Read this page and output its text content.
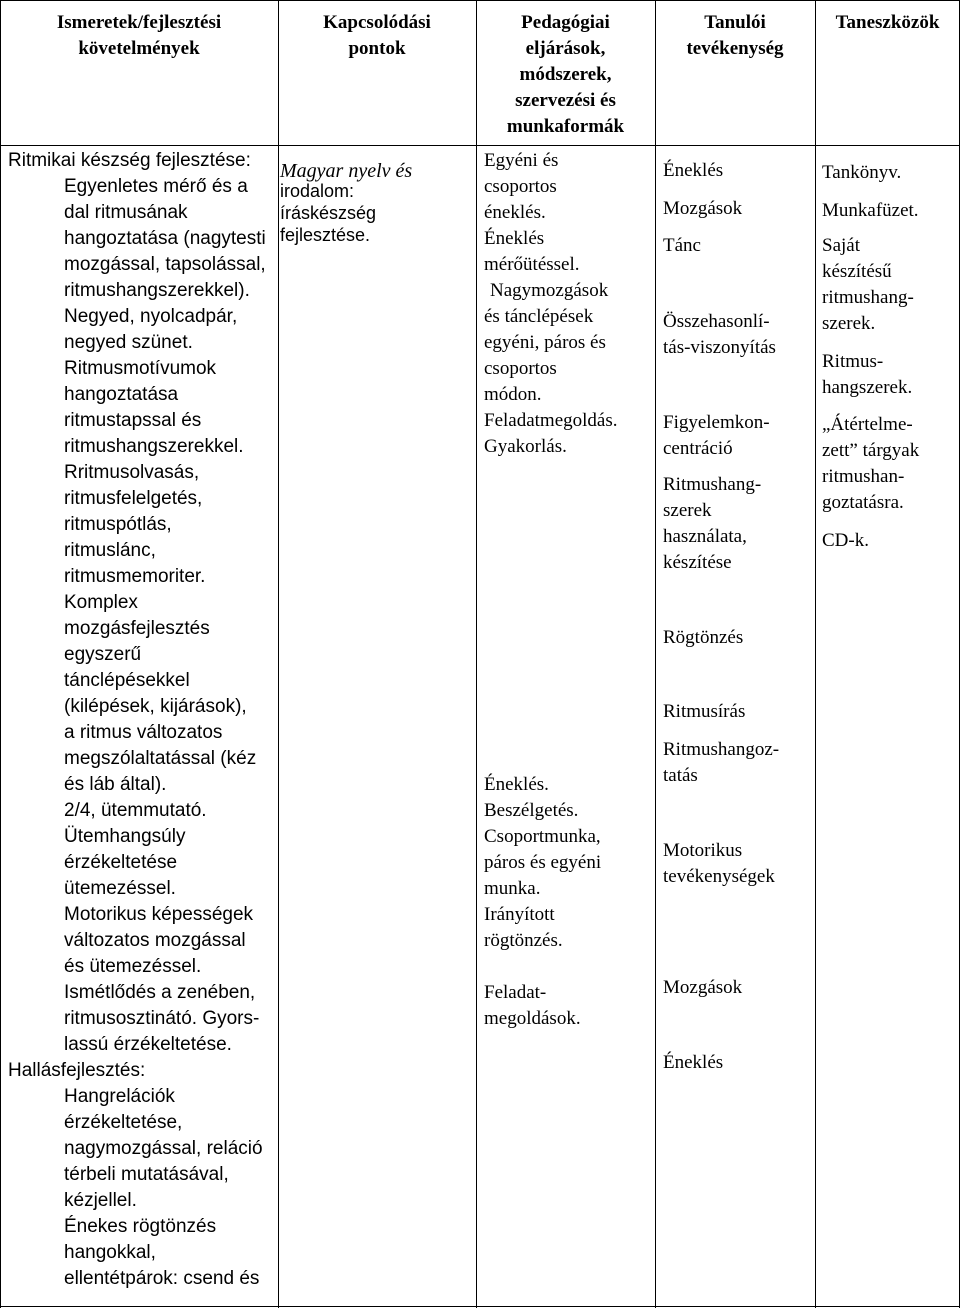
Ismeretek/fejlesztési
követelmények
Kapcsolódási
pontok
Pedagógiai
eljárások,
módszerek,
szervezési és
munkaformák
Tanulói
tevékenység
Taneszközök
Ritmikai készség fejlesztése:
Egyenletes mérő és a
dal ritmusának
hangoztatása (nagytesti
mozgással, tapsolással,
ritmushangszerekkel).
Negyed, nyolcadpár,
negyed szünet.
Ritmusmotívumok
hangoztatása
ritmustapssal és
ritmushangszerekkel.
Rritmusolvasás,
ritmusfelelgetés,
ritmuspótlás,
ritmuslánc,
ritmusmemoriter.
Komplex
mozgásfejlesztés
egyszerű
tánclépésekkel
(kilépések, kijárások),
a ritmus változatos
megszólaltatással (kéz
és láb által).
2/4, ütemmutató.
Ütemhangsúly
érzékeltetése
ütemezéssel.
Motorikus képességek
változatos mozgással
és ütemezéssel.
Ismétlődés a zenében,
ritmusosztinátó. Gyors-
lassú érzékeltetése.
Hallásfejlesztés:
Hangrelációk
érzékeltetése,
nagymozgással, reláció
térbeli mutatásával,
kézjellel.
Énekes rögtönzés
hangokkal,
ellentétpárok: csend és
Magyar nyelv és
irodalom:
íráskészség
fejlesztése.
Egyéni és
csoportos
éneklés.
Éneklés
mérőütéssel.
Nagymozgások
és tánclépések
egyéni, páros és
csoportos
módon.
Feladatmegoldás.
Gyakorlás.
Éneklés.
Beszélgetés.
Csoportmunka,
páros és egyéni
munka.
Irányított
rögtönzés.
Feladat-
megoldások.
Éneklés
Mozgások
Tánc
Összehasonlí-
tás-viszonyítás
Figyelemkon-
centráció
Ritmushang-
szerek
használata,
készítése
Rögtönzés
Ritmusírás
Ritmushangoz-
tatás
Motorikus
tevékenységek
Mozgások
Éneklés
Tankönyv.
Munkafüzet.
Saját
készítésű
ritmushang-
szerek.
Ritmus-
hangszerek.
„Átértelme-
zett” tárgyak
ritmushan-
goztatásra.
CD-k.
